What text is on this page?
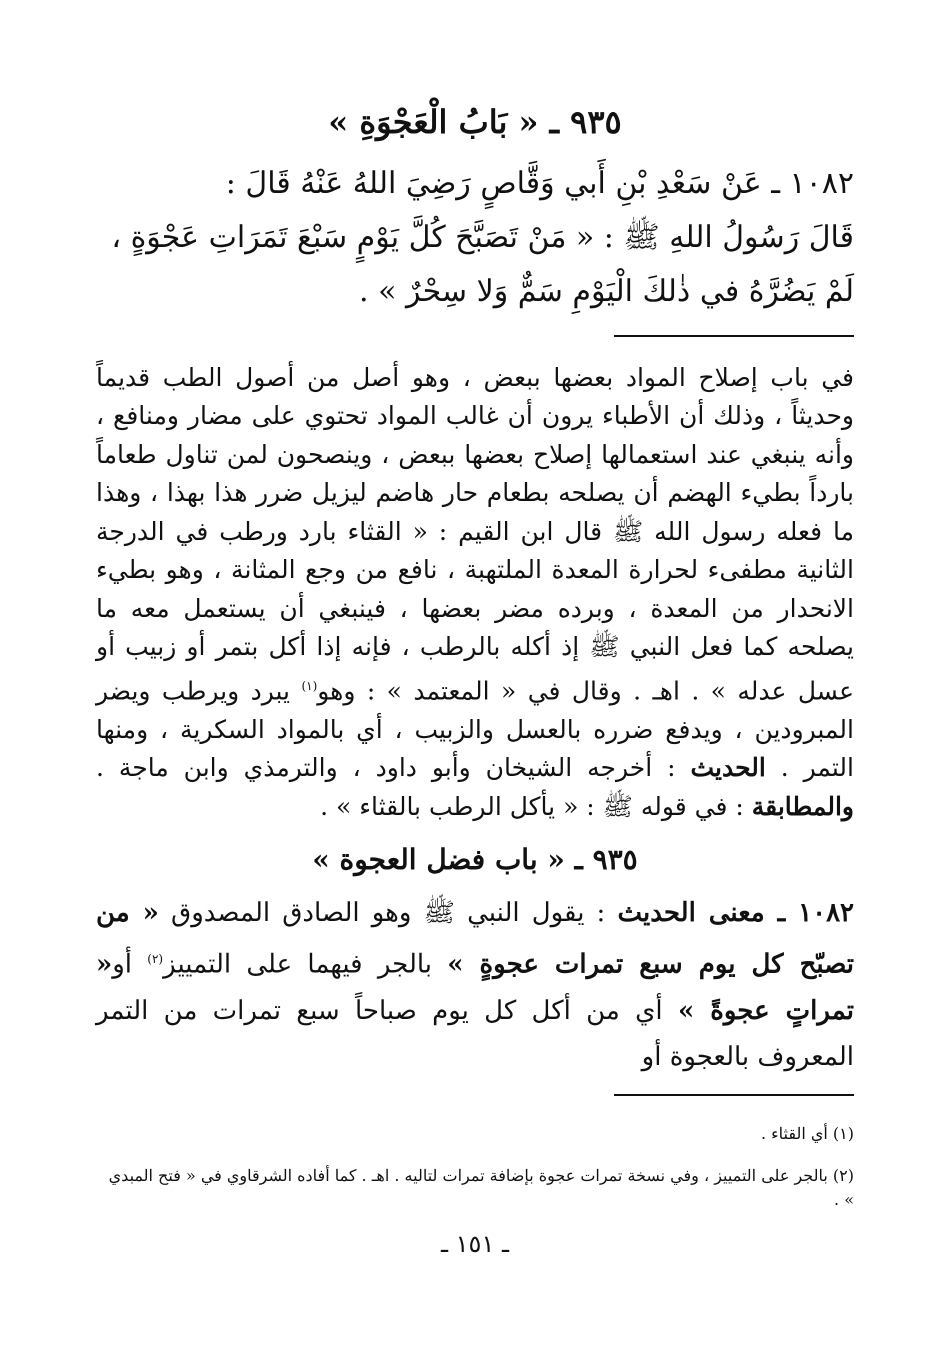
٩٣٥ ـ « بَابُ الْعَجْوَةِ »

١٠٨٢ ـ عَنْ سَعْدِ بْنِ أَبي وَقَّاصٍ رَضِيَ اللهُ عَنْهُ قَالَ :

قَالَ رَسُولُ اللهِ ﷺ : « مَنْ تَصَبَّحَ كُلَّ يَوْمٍ سَبْعَ تَمَرَاتِ عَجْوَةٍ ،

لَمْ يَضُرَّهُ في ذٰلكَ الْيَوْمِ سَمٌّ وَلا سِحْرٌ » .

في باب إصلاح المواد بعضها ببعض ، وهو أصل من أصول الطب قديماً وحديثاً ، وذلك أن الأطباء يرون أن غالب المواد تحتوي على مضار ومنافع ، وأنه ينبغي عند استعمالها إصلاح بعضها ببعض ، وينصحون لمن تناول طعاماً بارداً بطيء الهضم أن يصلحه بطعام حار هاضم ليزيل ضرر هذا بهذا ، وهذا ما فعله رسول الله ﷺ قال ابن القيم : « القثاء بارد ورطب في الدرجة الثانية مطفىء لحرارة المعدة الملتهبة ، نافع من وجع المثانة ، وهو بطيء الانحدار من المعدة ، وبرده مضر بعضها ، فينبغي أن يستعمل معه ما يصلحه كما فعل النبي ﷺ إذ أكله بالرطب ، فإنه إذا أكل بتمر أو زبيب أو عسل عدله » . اهـ . وقال في « المعتمد » : وهو$^{(١)}$ يبرد ويرطب ويضر المبرودين ، ويدفع ضرره بالعسل والزبيب ، أي بالمواد السكرية ، ومنها التمر . الحديث : أخرجه الشيخان وأبو داود ، والترمذي وابن ماجة . والمطابقة : في قوله ﷺ : « يأكل الرطب بالقثاء » .

٩٣٥ ـ « باب فضل العجوة »

١٠٨٢ ـ معنى الحديث : يقول النبي ﷺ وهو الصادق المصدوق « من تصبّح كل يوم سبع تمرات عجوةٍ » بالجر فيهما على التمييز$^{(٢)}$ أو« تمراتٍ عجوةً » أي من أكل كل يوم صباحاً سبع تمرات من التمر المعروف بالعجوة أو

(١) أي القثاء .

(٢) بالجر على التمييز ، وفي نسخة تمرات عجوة بإضافة تمرات لتاليه . اهـ . كما أفاده الشرقاوي في « فتح المبدي » .

ـ ١٥١ ـ
